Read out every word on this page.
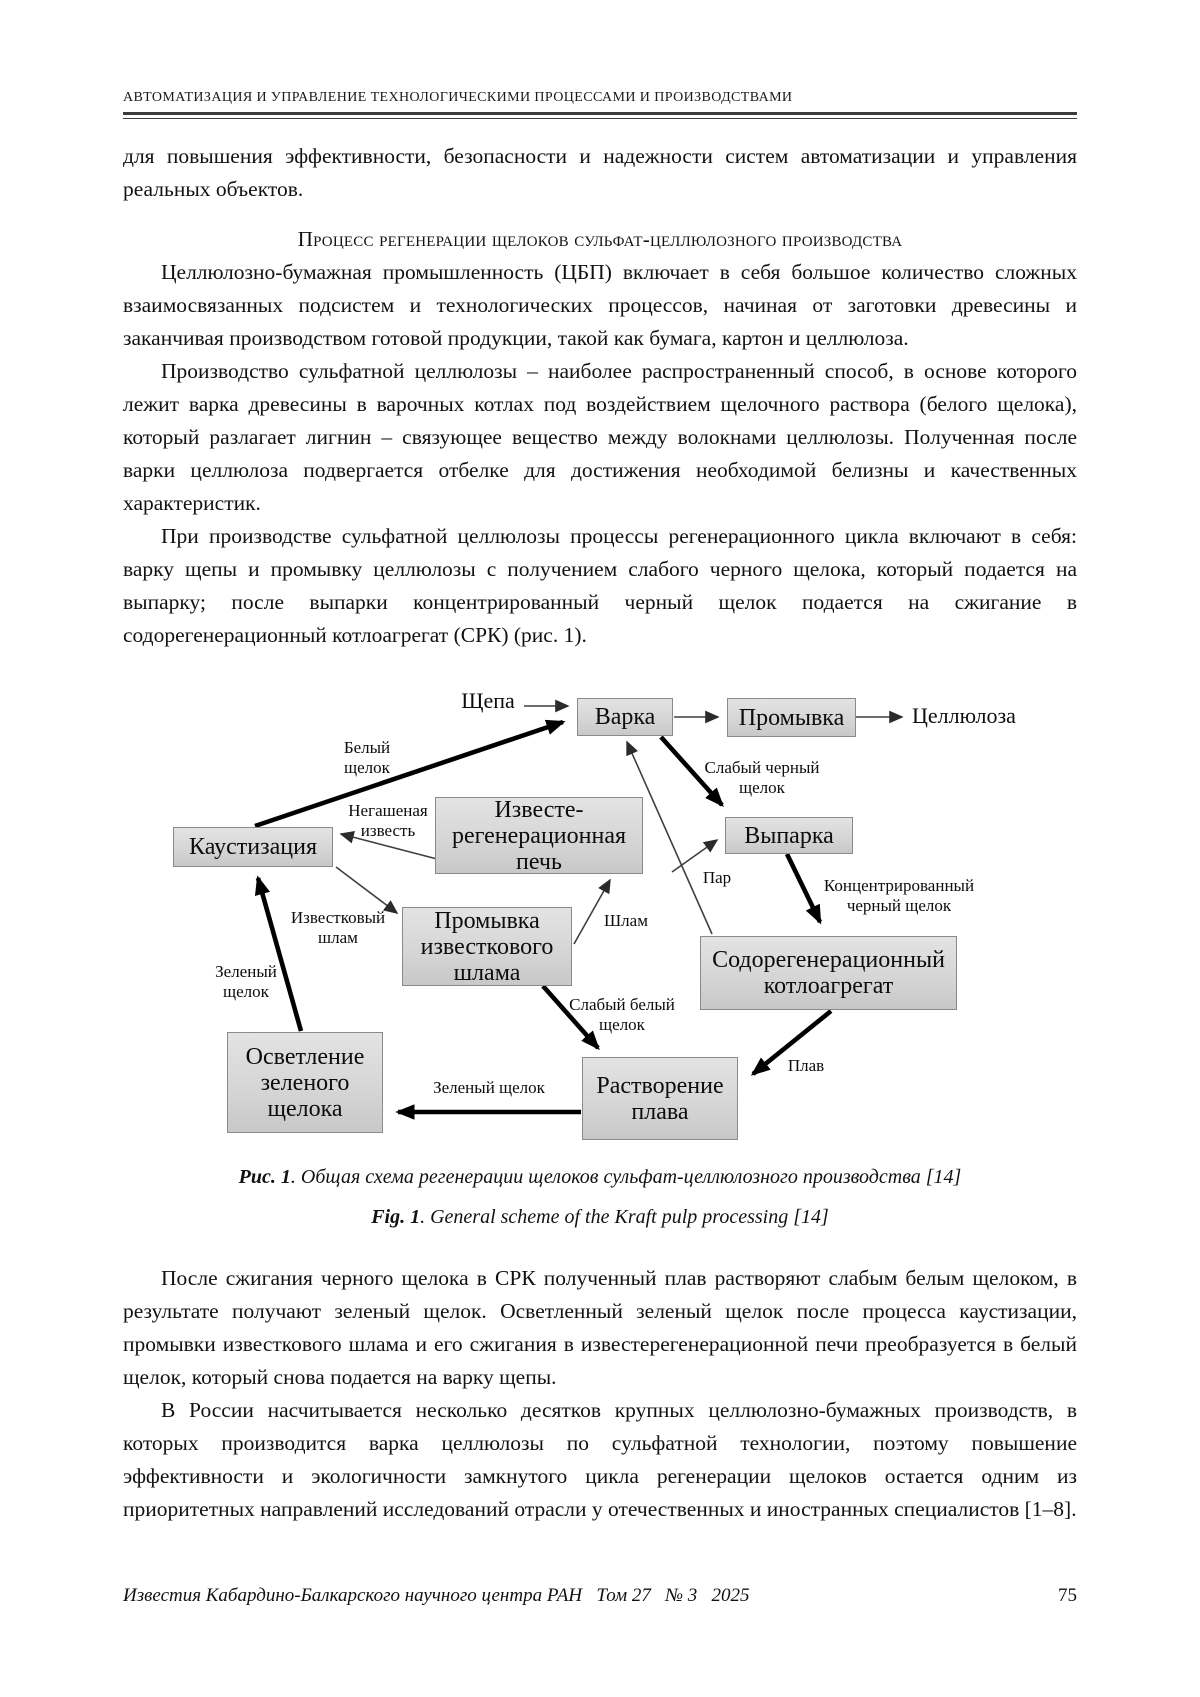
АВТОМАТИЗАЦИЯ И УПРАВЛЕНИЕ ТЕХНОЛОГИЧЕСКИМИ ПРОЦЕССАМИ И ПРОИЗВОДСТВАМИ

для повышения эффективности, безопасности и надежности систем автоматизации и управления реальных объектов.

Процесс регенерации щелоков сульфат-целлюлозного производства

Целлюлозно-бумажная промышленность (ЦБП) включает в себя большое количество сложных взаимосвязанных подсистем и технологических процессов, начиная от заготовки древесины и заканчивая производством готовой продукции, такой как бумага, картон и целлюлоза.

Производство сульфатной целлюлозы – наиболее распространенный способ, в основе которого лежит варка древесины в варочных котлах под воздействием щелочного раствора (белого щелока), который разлагает лигнин – связующее вещество между волокнами целлюлозы. Полученная после варки целлюлоза подвергается отбелке для достижения необходимой белизны и качественных характеристик.

При производстве сульфатной целлюлозы процессы регенерационного цикла включают в себя: варку щепы и промывку целлюлозы с получением слабого черного щелока, который подается на выпарку; после выпарки концентрированный черный щелок подается на сжигание в содорегенерационный котлоагрегат (СРК) (рис. 1).

Варка	Промывка
Известе-
регенерационная
печь
Каустизация	Выпарка
Промывка
известкового
шлама	Содорегенерационный
котлоагрегат
Осветление
зеленого
щелока
Растворение
плава
Щепа
Целлюлоза
Белый
щелок
Негашеная
известь
Слабый черный
щелок
Пар	Концентрированный
черный щелок
Известковый
шлам
Шлам
Зеленый
щелок
Слабый белый
щелок
Плав
Зеленый щелок
Рис. 1. Общая схема регенерации щелоков сульфат-целлюлозного производства [14]
Fig. 1. General scheme of the Kraft pulp processing [14]

После сжигания черного щелока в СРК полученный плав растворяют слабым белым щелоком, в результате получают зеленый щелок. Осветленный зеленый щелок после процесса каустизации, промывки известкового шлама и его сжигания в известерегенерационной печи преобразуется в белый щелок, который снова подается на варку щепы.

В России насчитывается несколько десятков крупных целлюлозно-бумажных производств, в которых производится варка целлюлозы по сульфатной технологии, поэтому повышение эффективности и экологичности замкнутого цикла регенерации щелоков остается одним из приоритетных направлений исследований отрасли у отечественных и иностранных специалистов [1–8].

Известия Кабардино-Балкарского научного центра РАН   Том 27   № 3   2025	75
